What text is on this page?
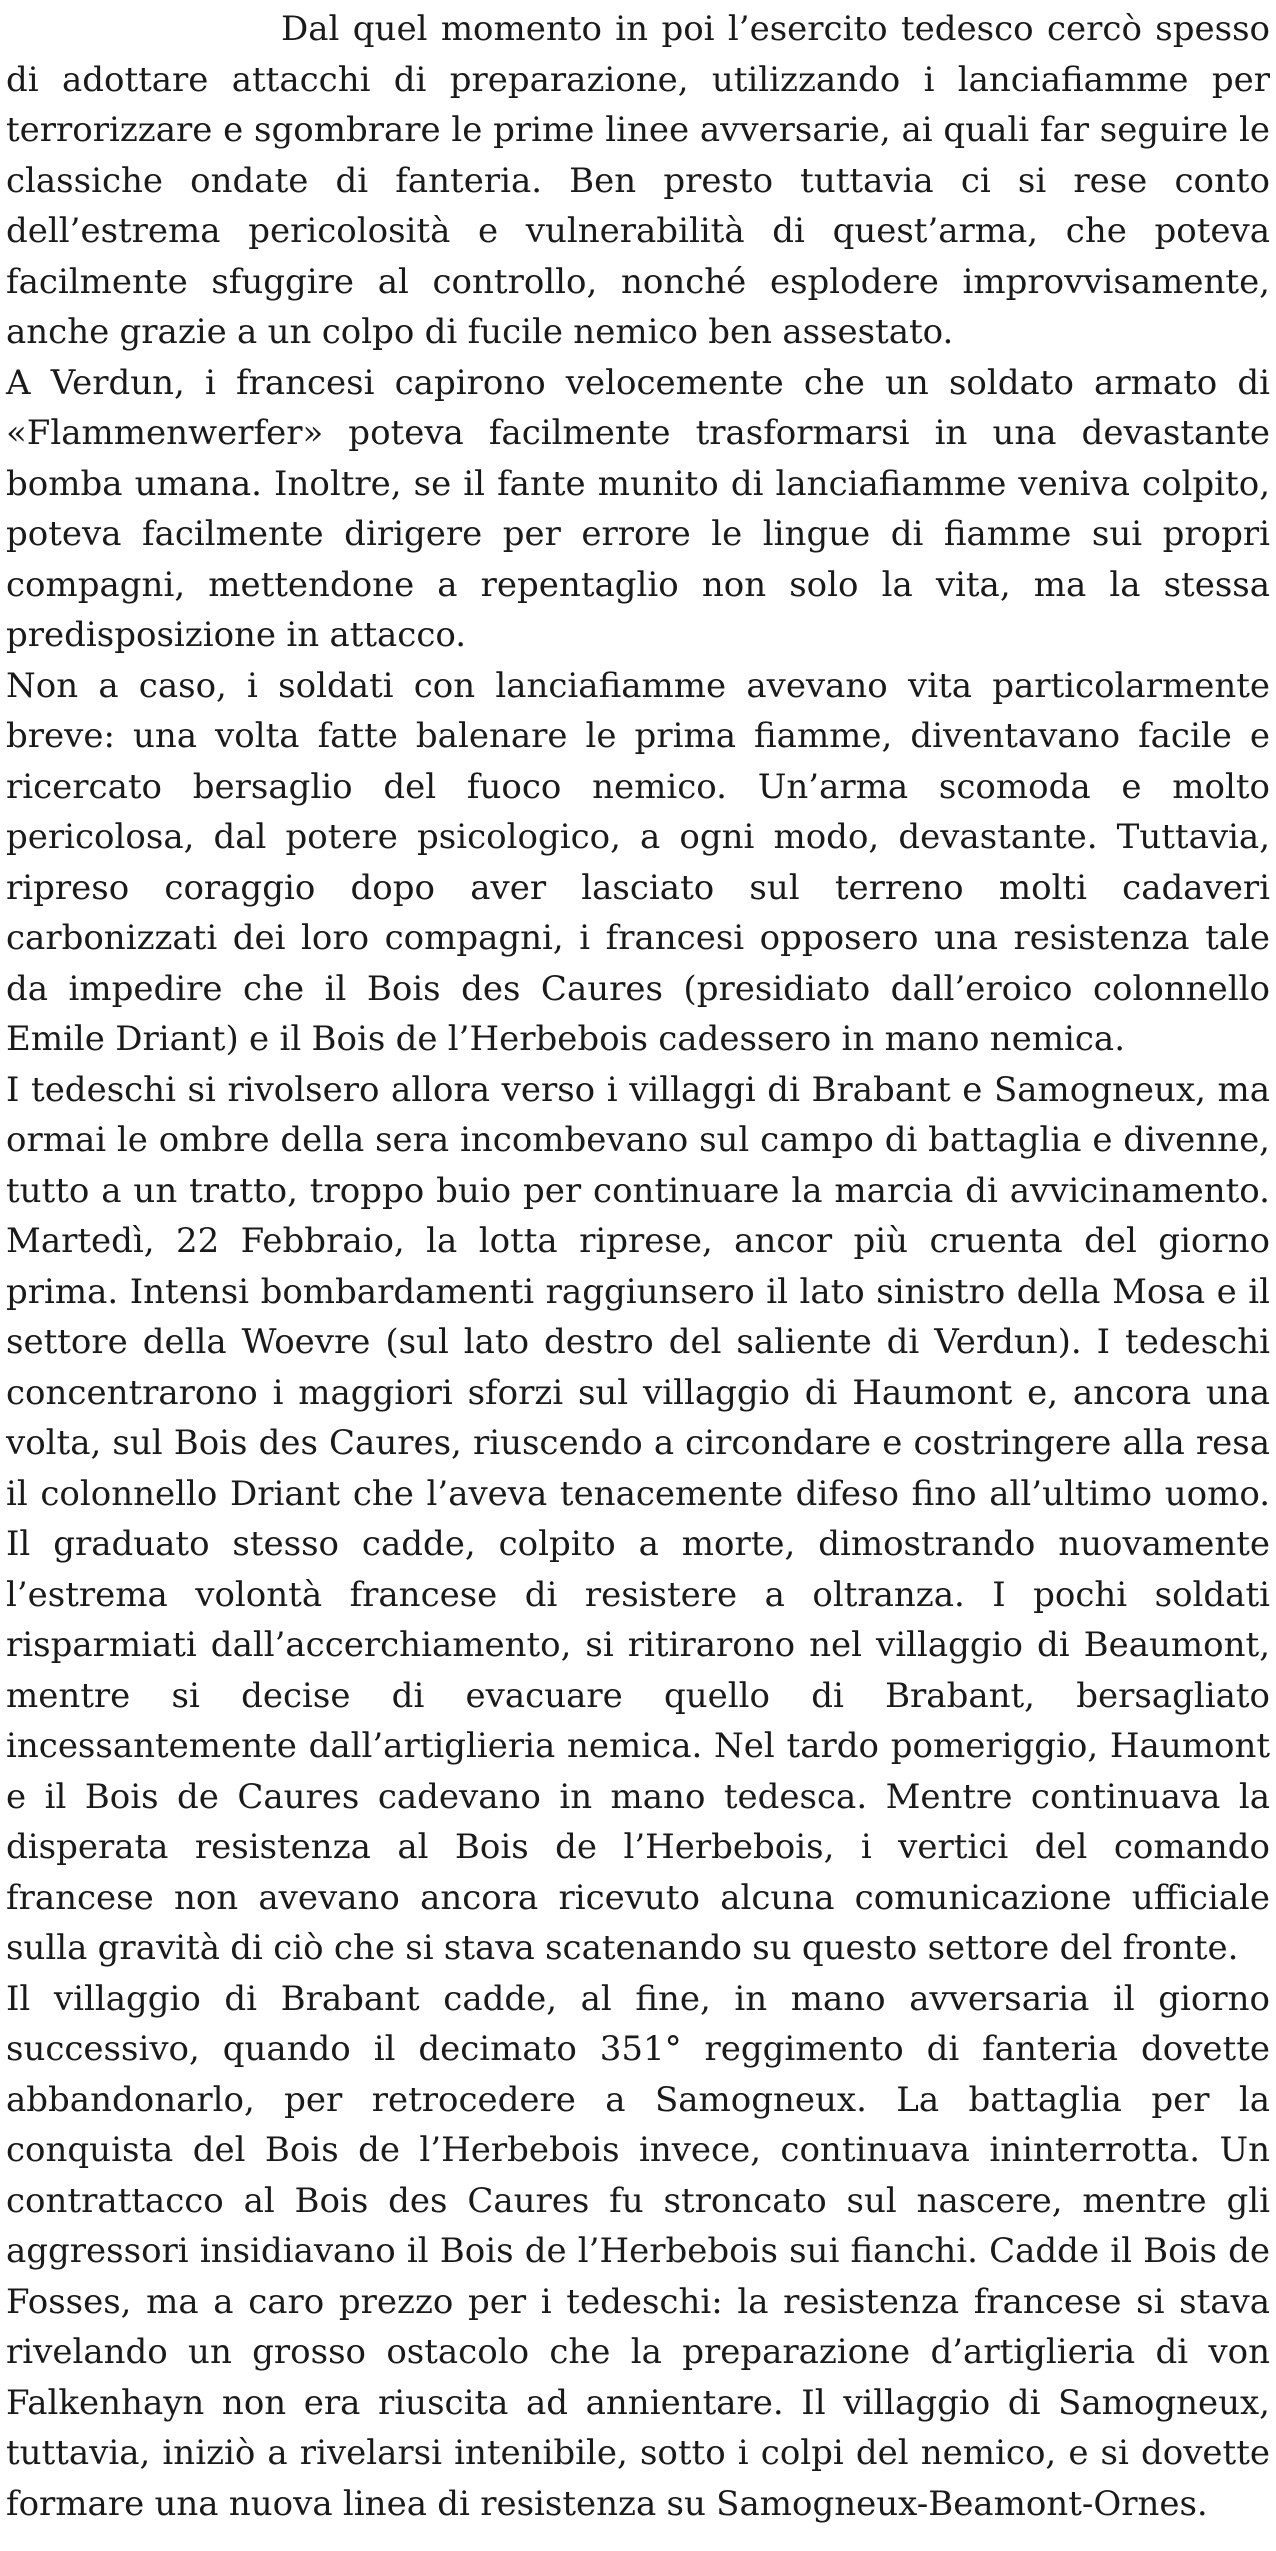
Dal quel momento in poi l’esercito tedesco cercò spesso di adottare attacchi di preparazione, utilizzando i lanciafiamme per terrorizzare e sgombrare le prime linee avversarie, ai quali far seguire le classiche ondate di fanteria. Ben presto tuttavia ci si rese conto dell’estrema pericolosità e vulnerabilità di quest’arma, che poteva facilmente sfuggire al controllo, nonché esplodere improvvisamente, anche grazie a un colpo di fucile nemico ben assestato.

A Verdun, i francesi capirono velocemente che un soldato armato di «Flammenwerfer» poteva facilmente trasformarsi in una devastante bomba umana. Inoltre, se il fante munito di lanciafiamme veniva colpito, poteva facilmente dirigere per errore le lingue di fiamme sui propri compagni, mettendone a repentaglio non solo la vita, ma la stessa predisposizione in attacco.

Non a caso, i soldati con lanciafiamme avevano vita particolarmente breve: una volta fatte balenare le prima fiamme, diventavano facile e ricercato bersaglio del fuoco nemico. Un’arma scomoda e molto pericolosa, dal potere psicologico, a ogni modo, devastante. Tuttavia, ripreso coraggio dopo aver lasciato sul terreno molti cadaveri carbonizzati dei loro compagni, i francesi opposero una resistenza tale da impedire che il Bois des Caures (presidiato dall’eroico colonnello Emile Driant) e il Bois de l’Herbebois cadessero in mano nemica.

I tedeschi si rivolsero allora verso i villaggi di Brabant e Samogneux, ma ormai le ombre della sera incombevano sul campo di battaglia e divenne, tutto a un tratto, troppo buio per continuare la marcia di avvicinamento. Martedì, 22 Febbraio, la lotta riprese, ancor più cruenta del giorno prima. Intensi bombardamenti raggiunsero il lato sinistro della Mosa e il settore della Woevre (sul lato destro del saliente di Verdun). I tedeschi concentrarono i maggiori sforzi sul villaggio di Haumont e, ancora una volta, sul Bois des Caures, riuscendo a circondare e costringere alla resa il colonnello Driant che l’aveva tenacemente difeso fino all’ultimo uomo. Il graduato stesso cadde, colpito a morte, dimostrando nuovamente l’estrema volontà francese di resistere a oltranza. I pochi soldati risparmiati dall’accerchiamento, si ritirarono nel villaggio di Beaumont, mentre si decise di evacuare quello di Brabant, bersagliato incessantemente dall’artiglieria nemica. Nel tardo pomeriggio, Haumont e il Bois de Caures cadevano in mano tedesca. Mentre continuava la disperata resistenza al Bois de l’Herbebois, i vertici del comando francese non avevano ancora ricevuto alcuna comunicazione ufficiale sulla gravità di ciò che si stava scatenando su questo settore del fronte.

Il villaggio di Brabant cadde, al fine, in mano avversaria il giorno successivo, quando il decimato 351° reggimento di fanteria dovette abbandonarlo, per retrocedere a Samogneux. La battaglia per la conquista del Bois de l’Herbebois invece, continuava ininterrotta. Un contrattacco al Bois des Caures fu stroncato sul nascere, mentre gli aggressori insidiavano il Bois de l’Herbebois sui fianchi. Cadde il Bois de Fosses, ma a caro prezzo per i tedeschi: la resistenza francese si stava rivelando un grosso ostacolo che la preparazione d’artiglieria di von Falkenhayn non era riuscita ad annientare. Il villaggio di Samogneux, tuttavia, iniziò a rivelarsi intenibile, sotto i colpi del nemico, e si dovette formare una nuova linea di resistenza su Samogneux-Beamont-Ornes.
